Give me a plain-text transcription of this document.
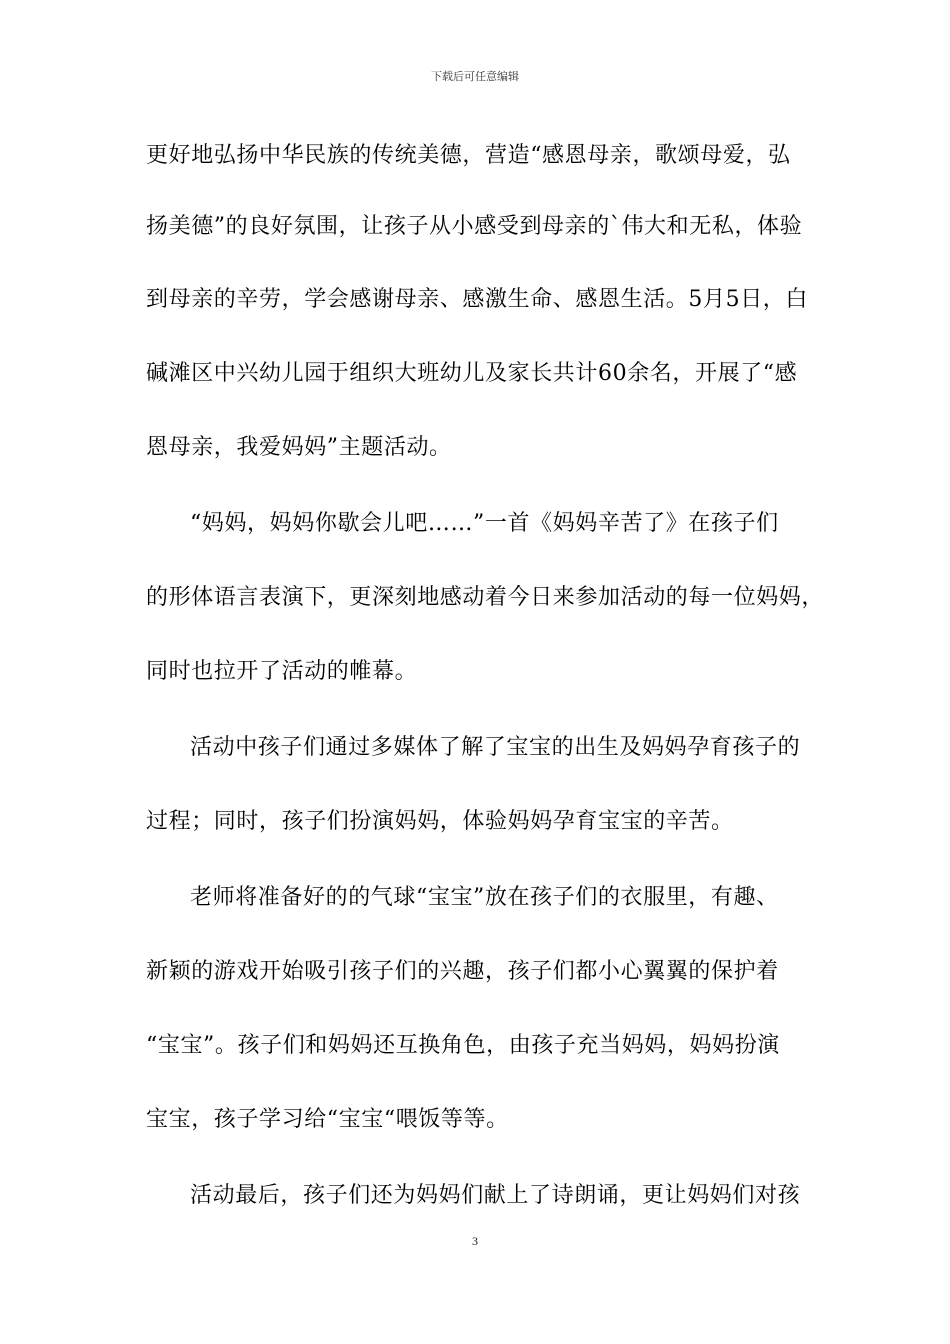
下载后可任意编辑
更好地弘扬中华民族的传统美德，营造“感恩母亲，歌颂母爱，弘
扬美德”的良好氛围，让孩子从小感受到母亲的`伟大和无私，体验
到母亲的辛劳，学会感谢母亲、感激生命、感恩生活。5月5日，白
碱滩区中兴幼儿园于组织大班幼儿及家长共计60余名，开展了“感
恩母亲，我爱妈妈”主题活动。
“妈妈，妈妈你歇会儿吧……”一首《妈妈辛苦了》在孩子们
的形体语言表演下，更深刻地感动着今日来参加活动的每一位妈妈，
同时也拉开了活动的帷幕。
活动中孩子们通过多媒体了解了宝宝的出生及妈妈孕育孩子的
过程；同时，孩子们扮演妈妈，体验妈妈孕育宝宝的辛苦。
老师将准备好的的气球“宝宝”放在孩子们的衣服里，有趣、
新颖的游戏开始吸引孩子们的兴趣，孩子们都小心翼翼的保护着
“宝宝”。孩子们和妈妈还互换角色，由孩子充当妈妈，妈妈扮演
宝宝，孩子学习给“宝宝“喂饭等等。
活动最后，孩子们还为妈妈们献上了诗朗诵，更让妈妈们对孩
3
